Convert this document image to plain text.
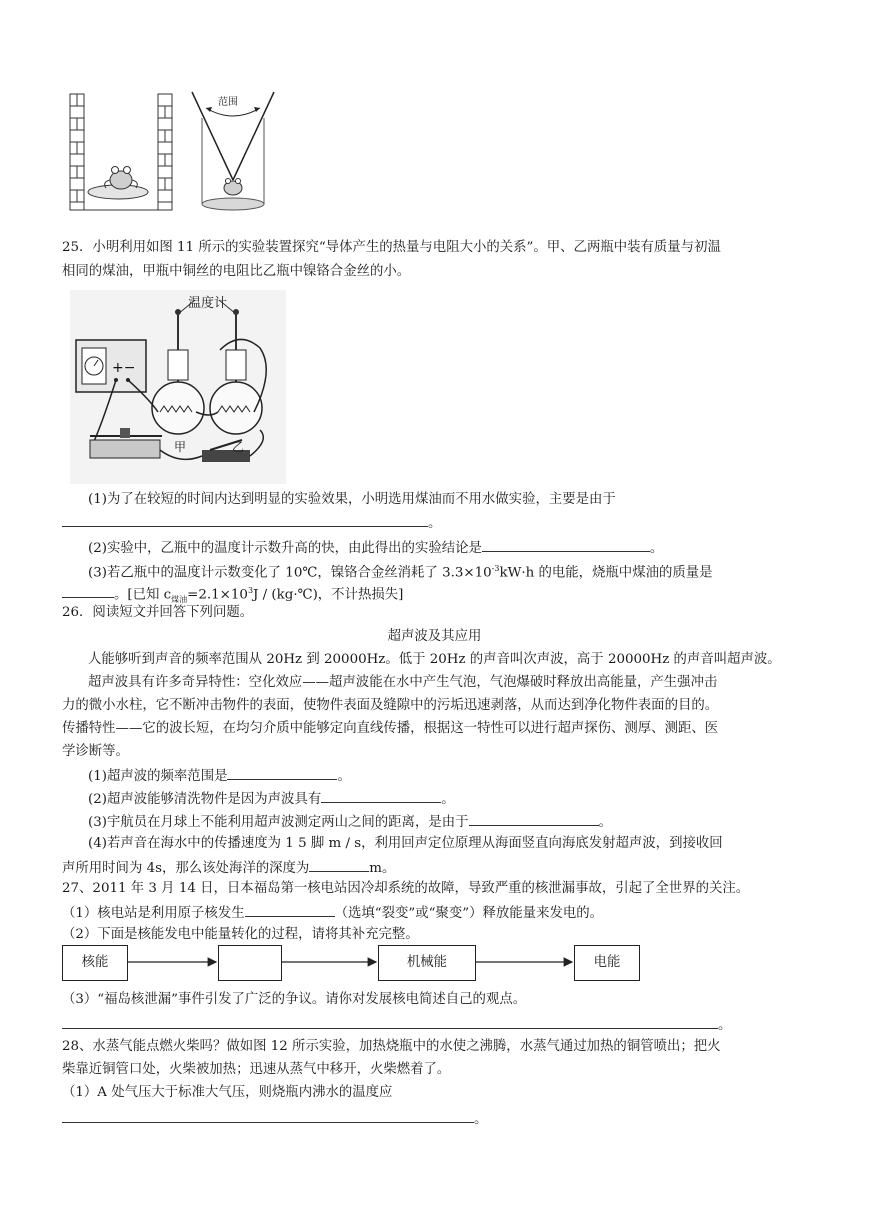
范围
25．小明利用如图 11 所示的实验装置探究“导体产生的热量与电阻大小的关系”。甲、乙两瓶中装有质量与初温
相同的煤油，甲瓶中铜丝的电阻比乙瓶中镍铬合金丝的小。
+−
温度计
甲	乙
(1)为了在较短的时间内达到明显的实验效果，小明选用煤油而不用水做实验，主要是由于
。
(2)实验中，乙瓶中的温度计示数升高的快，由此得出的实验结论是	。
(3)若乙瓶中的温度计示数变化了 10℃，镍铬合金丝消耗了 $3.3\times 10^{-3}kW\cdot h$ 的电能，烧瓶中煤油的质量是
。[已知 $c_{煤油}=2.1\times 10^3J$ / (kg·℃)，不计热损失]
26．阅读短文并回答下列问题。
超声波及其应用
人能够听到声音的频率范围从 20Hz 到 20000Hz。低于 20Hz 的声音叫次声波，高于 20000Hz 的声音叫超声波。
超声波具有许多奇异特性：空化效应——超声波能在水中产生气泡，气泡爆破时释放出高能量，产生强冲击
力的微小水柱，它不断冲击物件的表面，使物件表面及缝隙中的污垢迅速剥落，从而达到净化物件表面的目的。
传播特性——它的波长短，在均匀介质中能够定向直线传播，根据这一特性可以进行超声探伤、测厚、测距、医
学诊断等。
(1)超声波的频率范围是	。
(2)超声波能够清洗物件是因为声波具有	。
(3)宇航员在月球上不能利用超声波测定两山之间的距离，是由于	。
(4)若声音在海水中的传播速度为 1 5 脚 m / s，利用回声定位原理从海面竖直向海底发射超声波，到接收回
声所用时间为 4s，那么该处海洋的深度为	m。
27、2011 年 3 月 14 日，日本福岛第一核电站因冷却系统的故障，导致严重的核泄漏事故，引起了全世界的关注。
（1）核电站是利用原子核发生	（选填“裂变”或“聚变”）释放能量来发电的。
（2）下面是核能发电中能量转化的过程，请将其补充完整。
核能	机械能	电能
（3）“福岛核泄漏”事件引发了广泛的争议。请你对发展核电简述自己的观点。
。
28、水蒸气能点燃火柴吗？做如图 12 所示实验，加热烧瓶中的水使之沸腾，水蒸气通过加热的铜管喷出；把火
柴靠近铜管口处，火柴被加热；迅速从蒸气中移开，火柴燃着了。
（1）A 处气压大于标准大气压，则烧瓶内沸水的温度应
。
